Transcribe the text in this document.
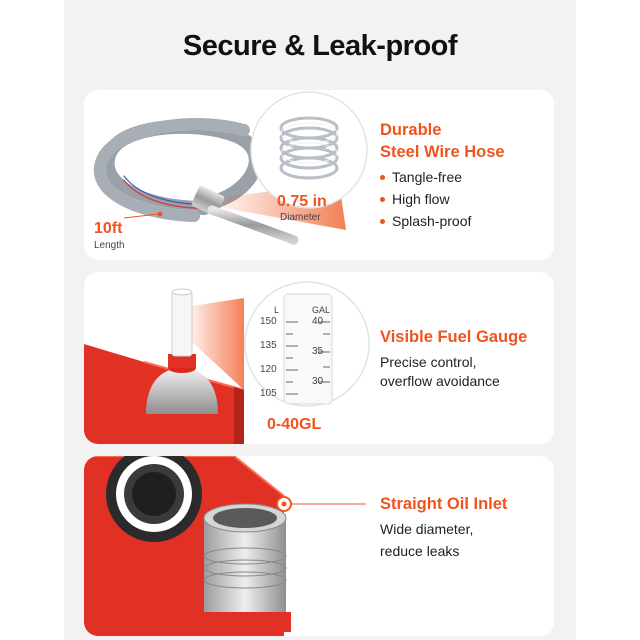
Secure & Leak-proof
0.75 in
Diameter
10ft
Length
Durable
Steel Wire Hose
Tangle-free
High flow
Splash-proof
L	GAL
150
135
120
105
40
35
30
0-40GL
Visible Fuel Gauge
Precise control,
overflow avoidance
Straight Oil Inlet
Wide diameter,
reduce leaks
